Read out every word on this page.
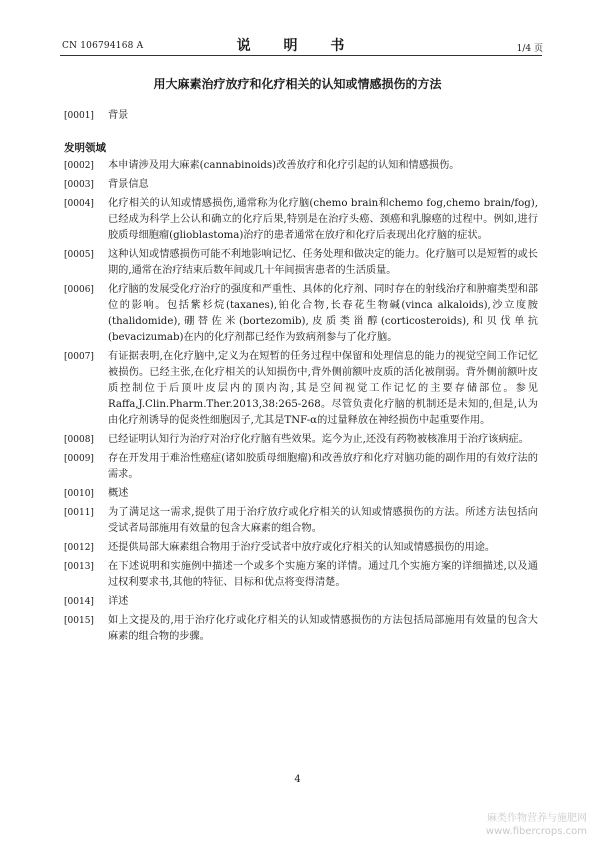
CN 106794168 A	说 明 书	1/4 页
用大麻素治疗放疗和化疗相关的认知或情感损伤的方法
[0001] 背景
发明领域
[0002] 本申请涉及用大麻素(cannabinoids)改善放疗和化疗引起的认知和情感损伤。
[0003] 背景信息
[0004] 化疗相关的认知或情感损伤,通常称为化疗脑(chemo brain和chemo fog,chemo brain/fog),已经成为科学上公认和确立的化疗后果,特别是在治疗头癌、颈癌和乳腺癌的过程中。例如,进行胶质母细胞瘤(glioblastoma)治疗的患者通常在放疗和化疗后表现出化疗脑的症状。
[0005] 这种认知或情感损伤可能不利地影响记忆、任务处理和做决定的能力。化疗脑可以是短暂的或长期的,通常在治疗结束后数年间或几十年间损害患者的生活质量。
[0006] 化疗脑的发展受化疗治疗的强度和严重性、具体的化疗剂、同时存在的射线治疗和肿瘤类型和部位的影响。包括紫杉烷(taxanes),铂化合物,长春花生物碱(vinca alkaloids),沙立度胺(thalidomide),硼替佐米(bortezomib),皮质类甾醇(corticosteroids),和贝伐单抗(bevacizumab)在内的化疗剂都已经作为致病剂参与了化疗脑。
[0007] 有证据表明,在化疗脑中,定义为在短暂的任务过程中保留和处理信息的能力的视觉空间工作记忆被损伤。已经主张,在化疗相关的认知损伤中,背外侧前额叶皮质的活化被削弱。背外侧前额叶皮质控制位于后顶叶皮层内的顶内沟,其是空间视觉工作记忆的主要存储部位。参见Raffa,J.Clin.Pharm.Ther.2013,38:265-268。尽管负责化疗脑的机制还是未知的,但是,认为由化疗剂诱导的促炎性细胞因子,尤其是TNF-α的过量释放在神经损伤中起重要作用。
[0008] 已经证明认知行为治疗对治疗化疗脑有些效果。迄今为止,还没有药物被核准用于治疗该病症。
[0009] 存在开发用于难治性癌症(诸如胶质母细胞瘤)和改善放疗和化疗对脑功能的副作用的有效疗法的需求。
[0010] 概述
[0011] 为了满足这一需求,提供了用于治疗放疗或化疗相关的认知或情感损伤的方法。所述方法包括向受试者局部施用有效量的包含大麻素的组合物。
[0012] 还提供局部大麻素组合物用于治疗受试者中放疗或化疗相关的认知或情感损伤的用途。
[0013] 在下述说明和实施例中描述一个或多个实施方案的详情。通过几个实施方案的详细描述,以及通过权利要求书,其他的特征、目标和优点将变得清楚。
[0014] 详述
[0015] 如上文提及的,用于治疗化疗或化疗相关的认知或情感损伤的方法包括局部施用有效量的包含大麻素的组合物的步骤。
4
麻类作物营养与施肥网
www.fibercrops.com
